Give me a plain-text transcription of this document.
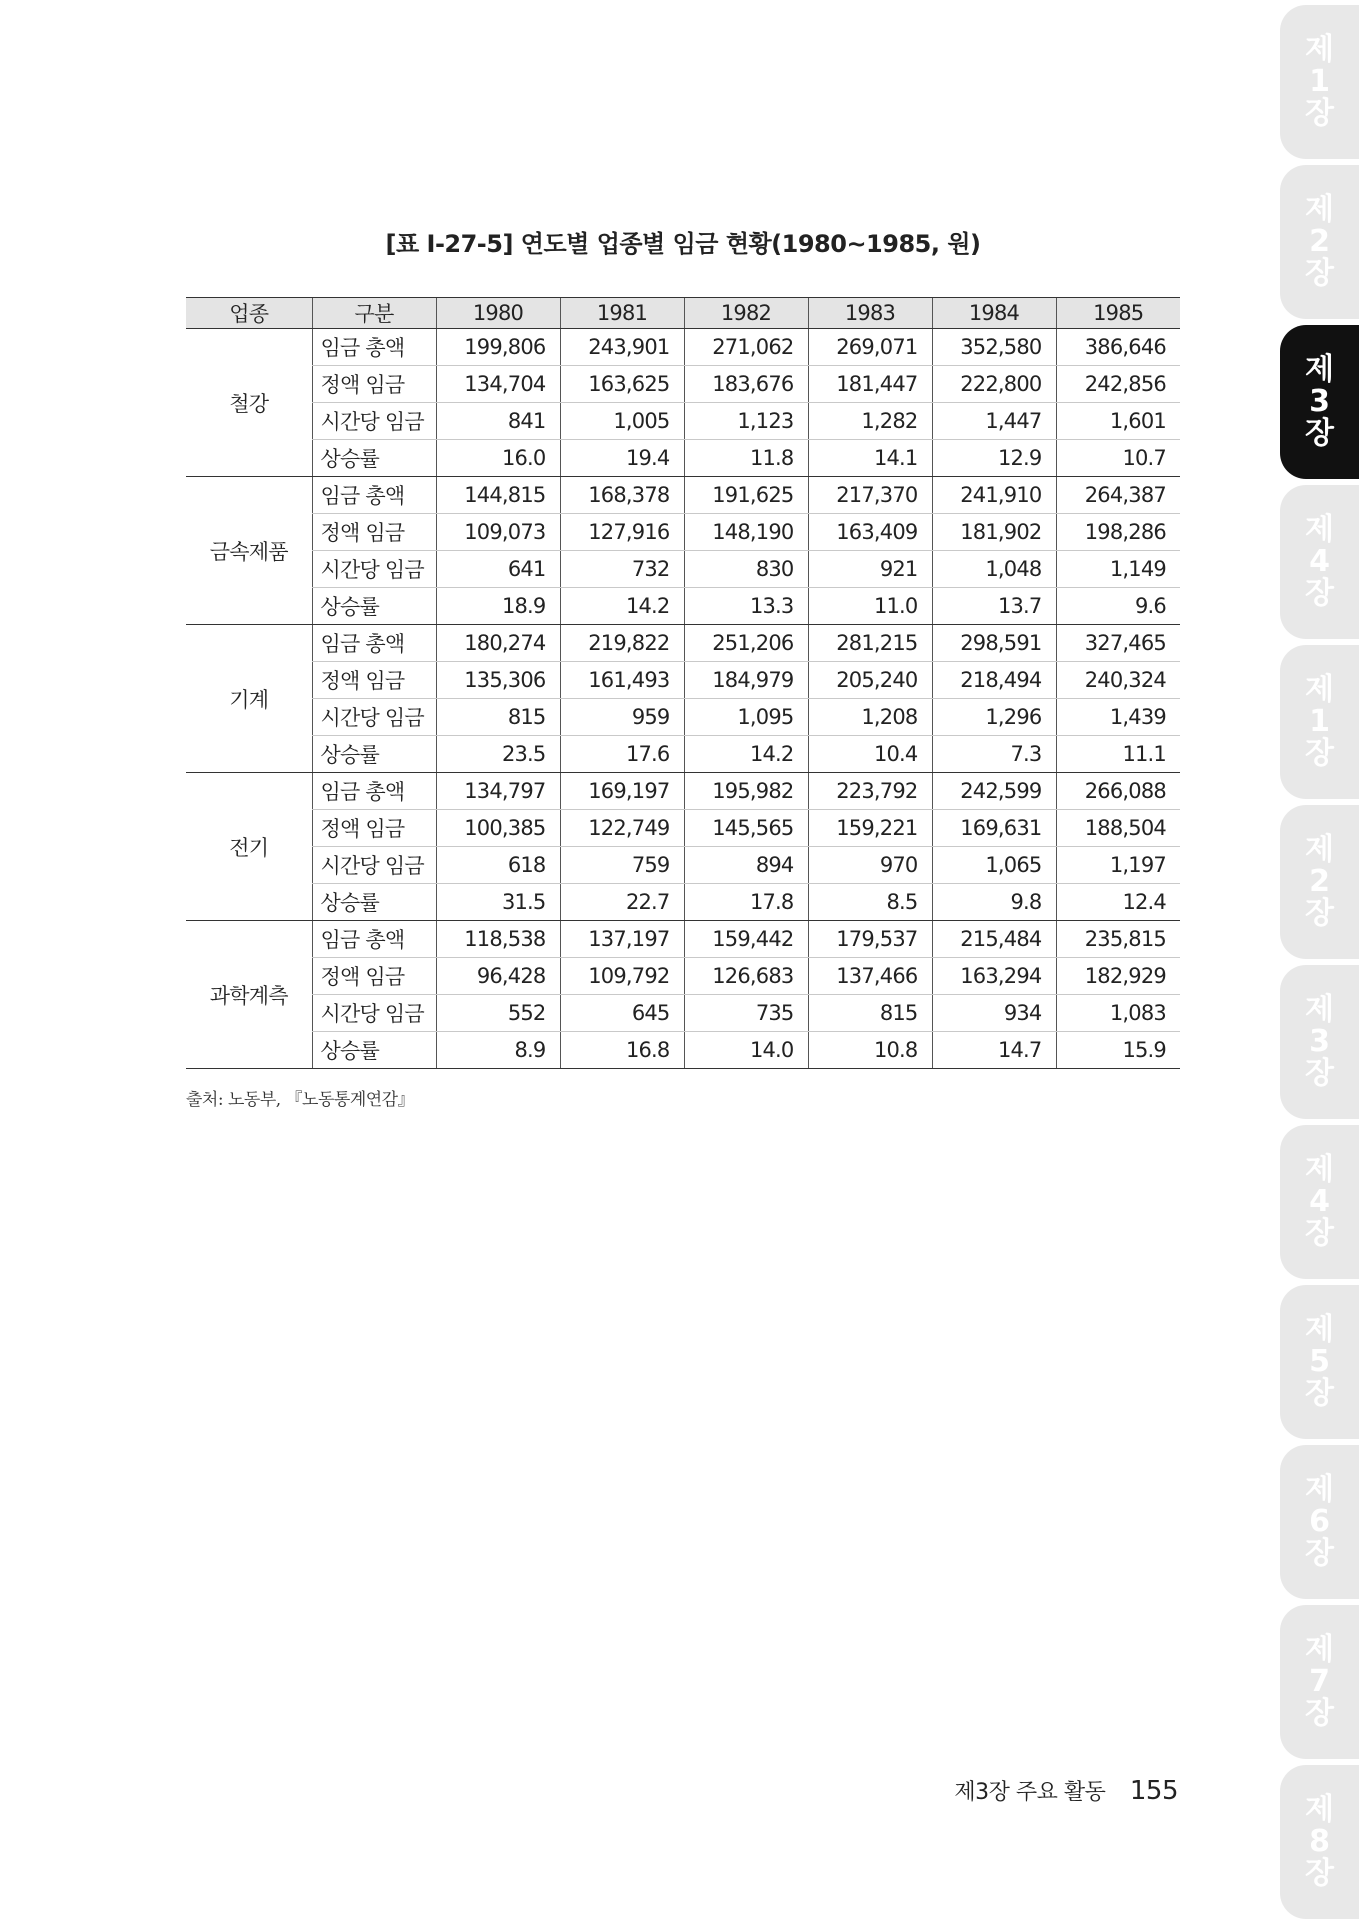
[표 Ⅰ-27-5] 연도별 업종별 임금 현황(1980~1985, 원)
업종	구분	1980	1981	1982	1983	1984	1985
철강	임금 총액	199,806	243,901	271,062	269,071	352,580	386,646
	정액 임금	134,704	163,625	183,676	181,447	222,800	242,856
	시간당 임금	841	1,005	1,123	1,282	1,447	1,601
	상승률	16.0	19.4	11.8	14.1	12.9	10.7
금속제품	임금 총액	144,815	168,378	191,625	217,370	241,910	264,387
	정액 임금	109,073	127,916	148,190	163,409	181,902	198,286
	시간당 임금	641	732	830	921	1,048	1,149
	상승률	18.9	14.2	13.3	11.0	13.7	9.6
기계	임금 총액	180,274	219,822	251,206	281,215	298,591	327,465
	정액 임금	135,306	161,493	184,979	205,240	218,494	240,324
	시간당 임금	815	959	1,095	1,208	1,296	1,439
	상승률	23.5	17.6	14.2	10.4	7.3	11.1
전기	임금 총액	134,797	169,197	195,982	223,792	242,599	266,088
	정액 임금	100,385	122,749	145,565	159,221	169,631	188,504
	시간당 임금	618	759	894	970	1,065	1,197
	상승률	31.5	22.7	17.8	8.5	9.8	12.4
과학계측	임금 총액	118,538	137,197	159,442	179,537	215,484	235,815
	정액 임금	96,428	109,792	126,683	137,466	163,294	182,929
	시간당 임금	552	645	735	815	934	1,083
	상승률	8.9	16.8	14.0	10.8	14.7	15.9
출처: 노동부, 『노동통계연감』
제3장 주요 활동 155
제
1
장
제
2
장
제
3
장
제
4
장
제
1
장
제
2
장
제
3
장
제
4
장
제
5
장
제
6
장
제
7
장
제
8
장
